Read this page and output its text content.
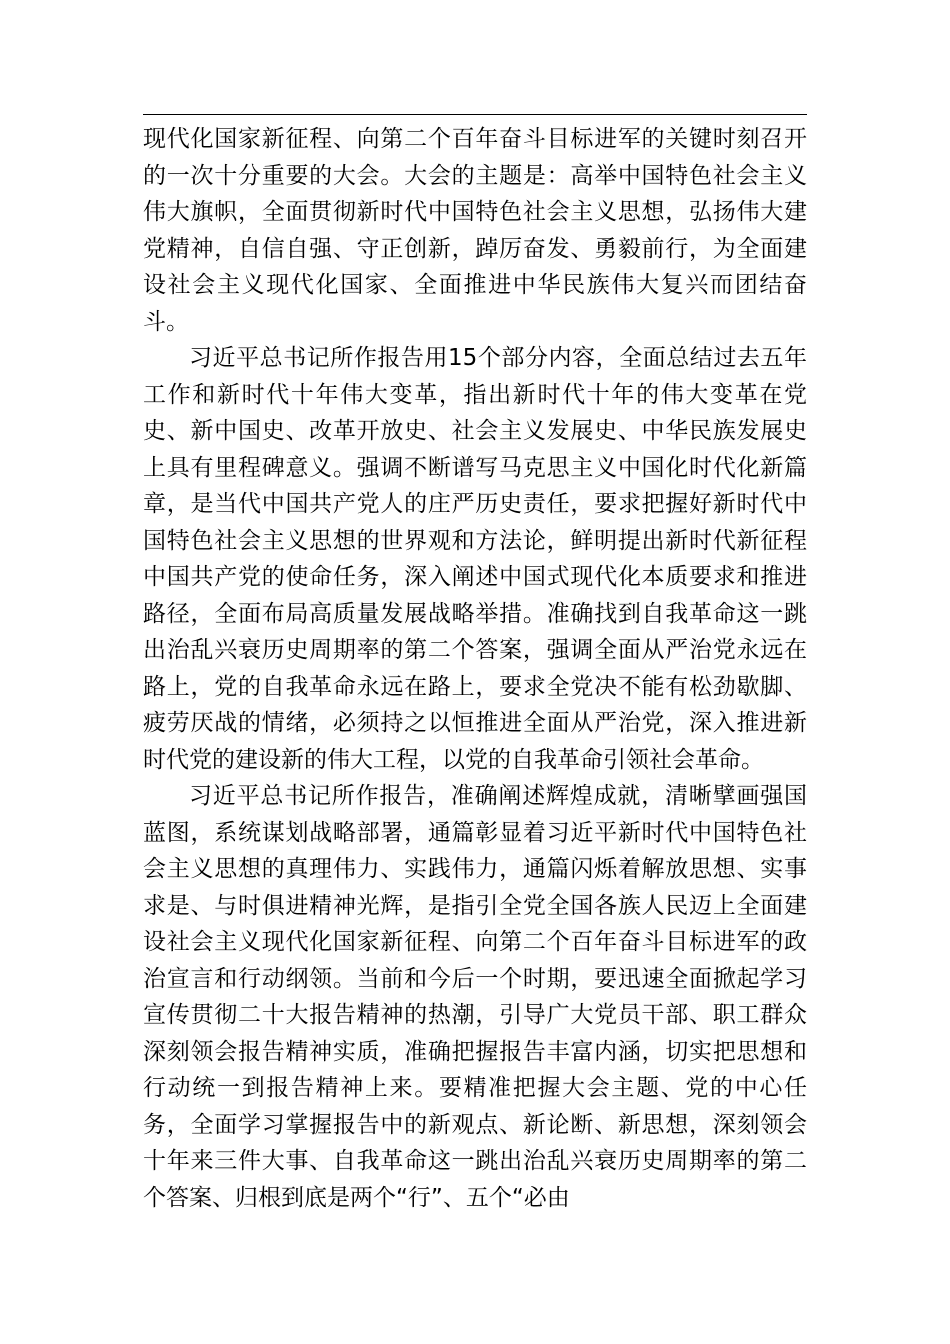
现代化国家新征程、向第二个百年奋斗目标进军的关键时刻召开的一次十分重要的大会。大会的主题是：高举中国特色社会主义伟大旗帜，全面贯彻新时代中国特色社会主义思想，弘扬伟大建党精神，自信自强、守正创新，踔厉奋发、勇毅前行，为全面建设社会主义现代化国家、全面推进中华民族伟大复兴而团结奋斗。

习近平总书记所作报告用15个部分内容，全面总结过去五年工作和新时代十年伟大变革，指出新时代十年的伟大变革在党史、新中国史、改革开放史、社会主义发展史、中华民族发展史上具有里程碑意义。强调不断谱写马克思主义中国化时代化新篇章，是当代中国共产党人的庄严历史责任，要求把握好新时代中国特色社会主义思想的世界观和方法论，鲜明提出新时代新征程中国共产党的使命任务，深入阐述中国式现代化本质要求和推进路径，全面布局高质量发展战略举措。准确找到自我革命这一跳出治乱兴衰历史周期率的第二个答案，强调全面从严治党永远在路上，党的自我革命永远在路上，要求全党决不能有松劲歇脚、疲劳厌战的情绪，必须持之以恒推进全面从严治党，深入推进新时代党的建设新的伟大工程，以党的自我革命引领社会革命。

习近平总书记所作报告，准确阐述辉煌成就，清晰擘画强国蓝图，系统谋划战略部署，通篇彰显着习近平新时代中国特色社会主义思想的真理伟力、实践伟力，通篇闪烁着解放思想、实事求是、与时俱进精神光辉，是指引全党全国各族人民迈上全面建设社会主义现代化国家新征程、向第二个百年奋斗目标进军的政治宣言和行动纲领。当前和今后一个时期，要迅速全面掀起学习宣传贯彻二十大报告精神的热潮，引导广大党员干部、职工群众深刻领会报告精神实质，准确把握报告丰富内涵，切实把思想和行动统一到报告精神上来。要精准把握大会主题、党的中心任务，全面学习掌握报告中的新观点、新论断、新思想，深刻领会十年来三件大事、自我革命这一跳出治乱兴衰历史周期率的第二个答案、归根到底是两个“行”、五个“必由
